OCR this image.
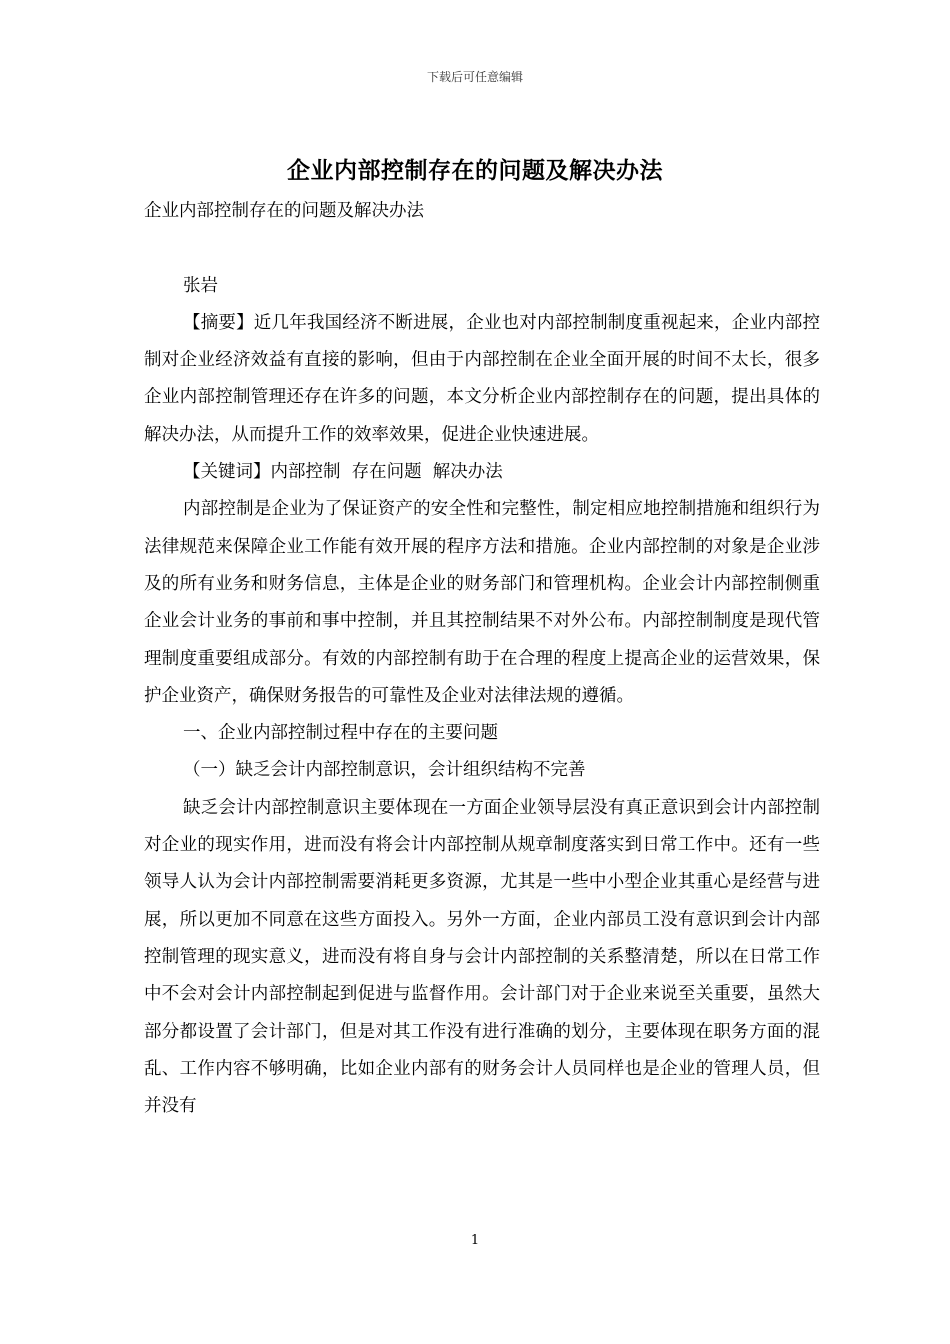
下载后可任意编辑
企业内部控制存在的问题及解决办法

企业内部控制存在的问题及解决办法

张岩

【摘要】近几年我国经济不断进展，企业也对内部控制制度重视起来，企业内部控制对企业经济效益有直接的影响，但由于内部控制在企业全面开展的时间不太长，很多企业内部控制管理还存在许多的问题，本文分析企业内部控制存在的问题，提出具体的解决办法，从而提升工作的效率效果，促进企业快速进展。

【关键词】内部控制  存在问题  解决办法

内部控制是企业为了保证资产的安全性和完整性，制定相应地控制措施和组织行为法律规范来保障企业工作能有效开展的程序方法和措施。企业内部控制的对象是企业涉及的所有业务和财务信息，主体是企业的财务部门和管理机构。企业会计内部控制侧重企业会计业务的事前和事中控制，并且其控制结果不对外公布。内部控制制度是现代管理制度重要组成部分。有效的内部控制有助于在合理的程度上提高企业的运营效果，保护企业资产，确保财务报告的可靠性及企业对法律法规的遵循。

一、企业内部控制过程中存在的主要问题

（一）缺乏会计内部控制意识，会计组织结构不完善

缺乏会计内部控制意识主要体现在一方面企业领导层没有真正意识到会计内部控制对企业的现实作用，进而没有将会计内部控制从规章制度落实到日常工作中。还有一些领导人认为会计内部控制需要消耗更多资源，尤其是一些中小型企业其重心是经营与进展，所以更加不同意在这些方面投入。另外一方面，企业内部员工没有意识到会计内部控制管理的现实意义，进而没有将自身与会计内部控制的关系整清楚，所以在日常工作中不会对会计内部控制起到促进与监督作用。会计部门对于企业来说至关重要，虽然大部分都设置了会计部门，但是对其工作没有进行准确的划分，主要体现在职务方面的混乱、工作内容不够明确，比如企业内部有的财务会计人员同样也是企业的管理人员，但并没有

1
